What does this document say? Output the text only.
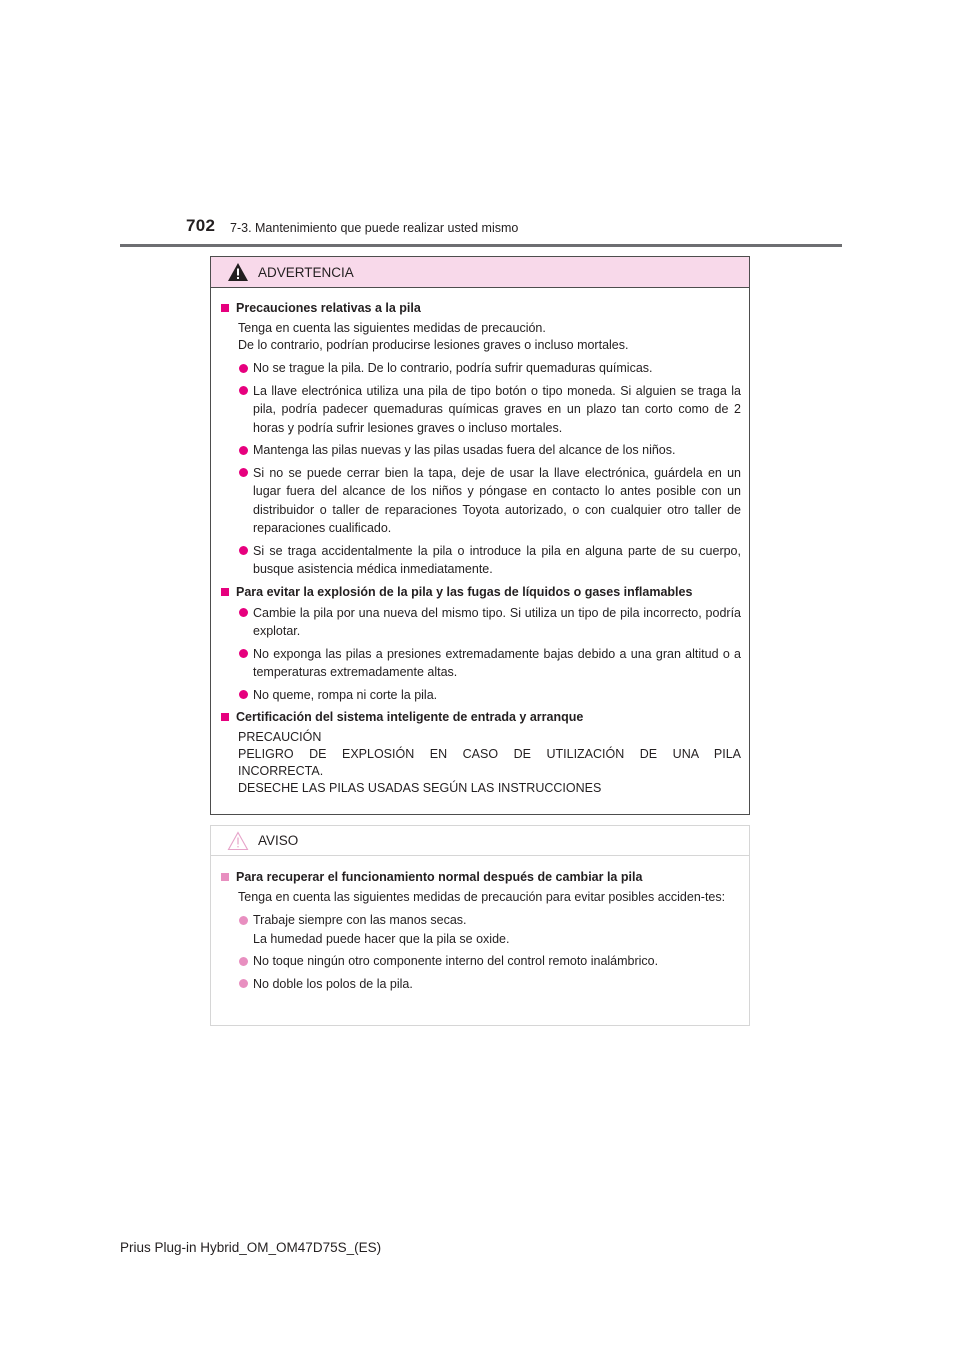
702 7-3. Mantenimiento que puede realizar usted mismo
ADVERTENCIA
Precauciones relativas a la pila
Tenga en cuenta las siguientes medidas de precaución.
De lo contrario, podrían producirse lesiones graves o incluso mortales.
No se trague la pila. De lo contrario, podría sufrir quemaduras químicas.
La llave electrónica utiliza una pila de tipo botón o tipo moneda. Si alguien se traga la pila, podría padecer quemaduras químicas graves en un plazo tan corto como de 2 horas y podría sufrir lesiones graves o incluso mortales.
Mantenga las pilas nuevas y las pilas usadas fuera del alcance de los niños.
Si no se puede cerrar bien la tapa, deje de usar la llave electrónica, guárdela en un lugar fuera del alcance de los niños y póngase en contacto lo antes posible con un distribuidor o taller de reparaciones Toyota autorizado, o con cualquier otro taller de reparaciones cualificado.
Si se traga accidentalmente la pila o introduce la pila en alguna parte de su cuerpo, busque asistencia médica inmediatamente.
Para evitar la explosión de la pila y las fugas de líquidos o gases inflamables
Cambie la pila por una nueva del mismo tipo. Si utiliza un tipo de pila incorrecto, podría explotar.
No exponga las pilas a presiones extremadamente bajas debido a una gran altitud o a temperaturas extremadamente altas.
No queme, rompa ni corte la pila.
Certificación del sistema inteligente de entrada y arranque
PRECAUCIÓN
PELIGRO DE EXPLOSIÓN EN CASO DE UTILIZACIÓN DE UNA PILA
INCORRECTA.
DESECHE LAS PILAS USADAS SEGÚN LAS INSTRUCCIONES
AVISO
Para recuperar el funcionamiento normal después de cambiar la pila
Tenga en cuenta las siguientes medidas de precaución para evitar posibles acciden-tes:
Trabaje siempre con las manos secas.
La humedad puede hacer que la pila se oxide.
No toque ningún otro componente interno del control remoto inalámbrico.
No doble los polos de la pila.
Prius Plug-in Hybrid_OM_OM47D75S_(ES)
